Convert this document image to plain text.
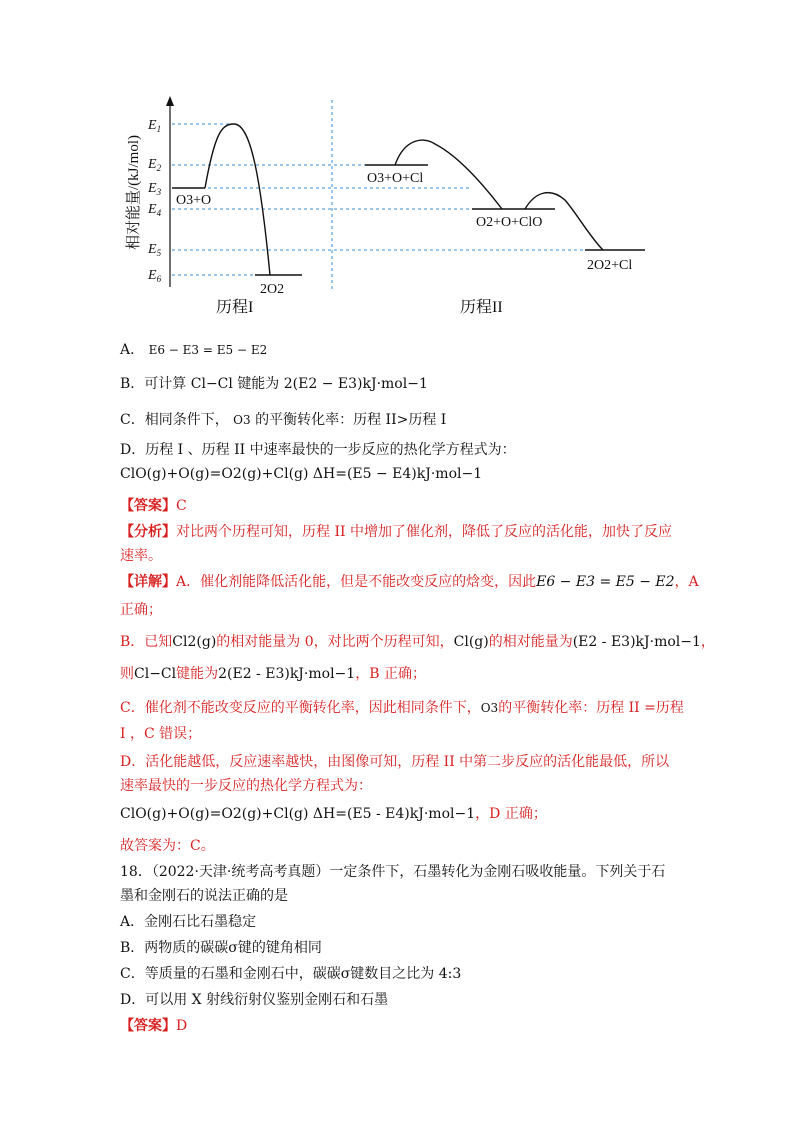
相对能量/(kJ/mol)
$E_1$
$E_2$
$E_3$
$E_4$
$E_5$
$E_6$
O3+O
2O2
O3+O+Cl
O2+O+ClO
2O2+Cl
历程I	历程II
A． E6 − E3 = E5 − E2
B．可计算 Cl−Cl 键能为 2(E2 − E3)kJ·mol−1
C．相同条件下， O3 的平衡转化率：历程 II>历程 I
D．历程 I 、历程 II 中速率最快的一步反应的热化学方程式为：
ClO(g)+O(g)=O2(g)+Cl(g) ΔH=(E5 − E4)kJ·mol−1
【答案】C
【分析】对比两个历程可知，历程 II 中增加了催化剂，降低了反应的活化能，加快了反应
速率。
【详解】A．催化剂能降低活化能，但是不能改变反应的焓变，因此E6 − E3 = E5 − E2，A
正确；
B．已知Cl2(g)的相对能量为 0，对比两个历程可知，Cl(g)的相对能量为(E2 - E3)kJ·mol−1，
则Cl−Cl键能为2(E2 - E3)kJ·mol−1，B 正确；
C．催化剂不能改变反应的平衡转化率，因此相同条件下，O3的平衡转化率：历程 II =历程
I ，C 错误；
D．活化能越低，反应速率越快，由图像可知，历程 II 中第二步反应的活化能最低，所以
速率最快的一步反应的热化学方程式为：
ClO(g)+O(g)=O2(g)+Cl(g) ΔH=(E5 - E4)kJ·mol−1，D 正确；
故答案为：C。
18．（2022·天津·统考高考真题）一定条件下，石墨转化为金刚石吸收能量。下列关于石
墨和金刚石的说法正确的是
A．金刚石比石墨稳定
B．两物质的碳碳σ键的键角相同
C．等质量的石墨和金刚石中，碳碳σ键数目之比为 4:3
D．可以用 X 射线衍射仪鉴别金刚石和石墨
【答案】D
